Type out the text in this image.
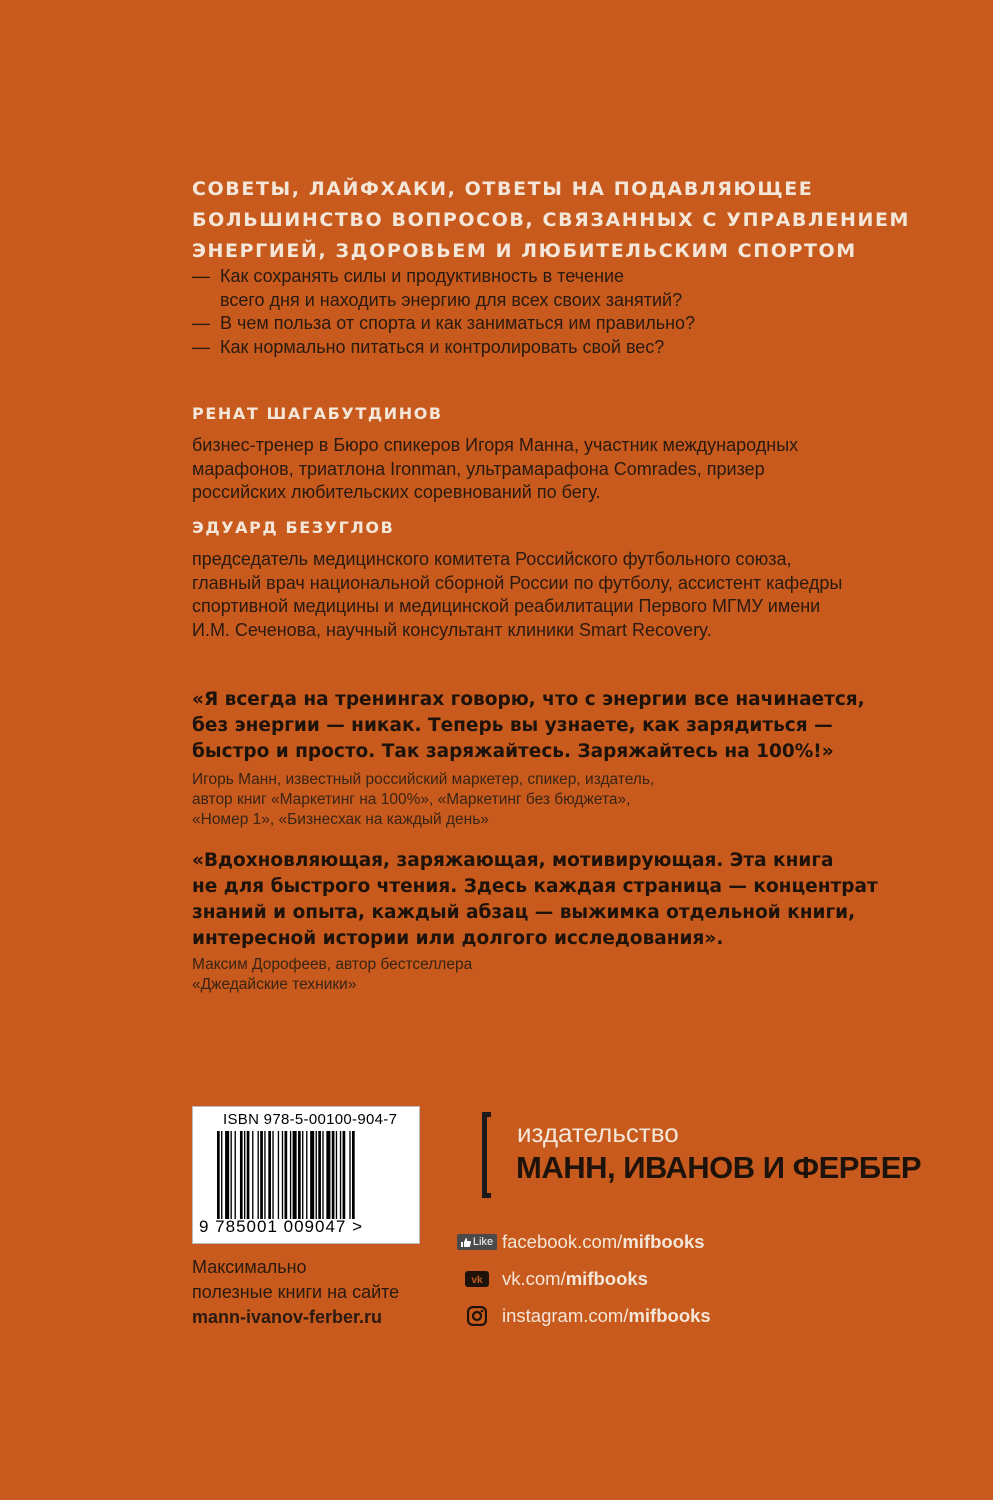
СОВЕТЫ, ЛАЙФХАКИ, ОТВЕТЫ НА ПОДАВЛЯЮЩЕЕ
БОЛЬШИНСТВО ВОПРОСОВ, СВЯЗАННЫХ С УПРАВЛЕНИЕМ
ЭНЕРГИЕЙ, ЗДОРОВЬЕМ И ЛЮБИТЕЛЬСКИМ СПОРТОМ
— Как сохранять силы и продуктивность в течение
всего дня и находить энергию для всех своих занятий?
— В чем польза от спорта и как заниматься им правильно?
— Как нормально питаться и контролировать свой вес?
РЕНАТ ШАГАБУТДИНОВ
бизнес-тренер в Бюро спикеров Игоря Манна, участник международных
марафонов, триатлона Ironman, ультрамарафона Comrades, призер
российских любительских соревнований по бегу.
ЭДУАРД БЕЗУГЛОВ
председатель медицинского комитета Российского футбольного союза,
главный врач национальной сборной России по футболу, ассистент кафедры
спортивной медицины и медицинской реабилитации Первого МГМУ имени
И.М. Сеченова, научный консультант клиники Smart Recovery.
«Я всегда на тренингах говорю, что с энергии все начинается,
без энергии — никак. Теперь вы узнаете, как зарядиться —
быстро и просто. Так заряжайтесь. Заряжайтесь на 100%!»
Игорь Манн, известный российский маркетер, спикер, издатель,
автор книг «Маркетинг на 100%», «Маркетинг без бюджета»,
«Номер 1», «Бизнесхак на каждый день»
«Вдохновляющая, заряжающая, мотивирующая. Эта книга
не для быстрого чтения. Здесь каждая страница — концентрат
знаний и опыта, каждый абзац — выжимка отдельной книги,
интересной истории или долгого исследования».
Максим Дорофеев, автор бестселлера
«Джедайские техники»
ISBN 978-5-00100-904-7
9 785001 009047 >
Максимально
полезные книги на сайте
mann-ivanov-ferber.ru
издательство
МАНН, ИВАНОВ И ФЕРБЕР
Like facebook.com/ mifbooks
vk vk.com/ mifbooks
instagram.com/ mifbooks
